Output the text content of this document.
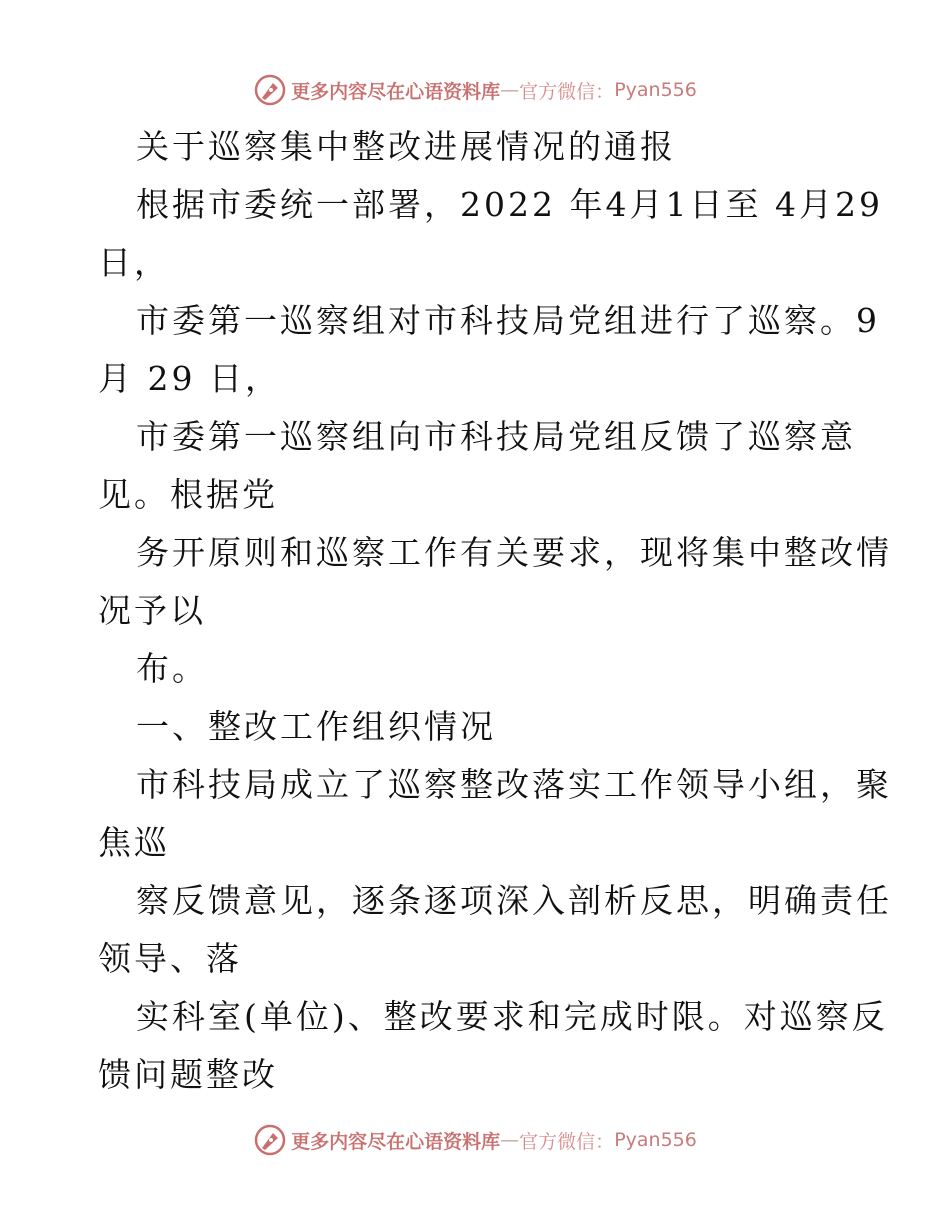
更多内容尽在心语资料库 — 官方微信： Pyan556
关于巡察集中整改进展情况的通报
根据市委统一部署，2022 年4月1日至 4月29
日，
市委第一巡察组对市科技局党组进行了巡察。9
月 29 日，
市委第一巡察组向市科技局党组反馈了巡察意
见。根据党
务开原则和巡察工作有关要求，现将集中整改情
况予以
布。
一、整改工作组织情况
市科技局成立了巡察整改落实工作领导小组，聚
焦巡
察反馈意见，逐条逐项深入剖析反思，明确责任
领导、落
实科室(单位)、整改要求和完成时限。对巡察反
馈问题整改
更多内容尽在心语资料库 — 官方微信： Pyan556
